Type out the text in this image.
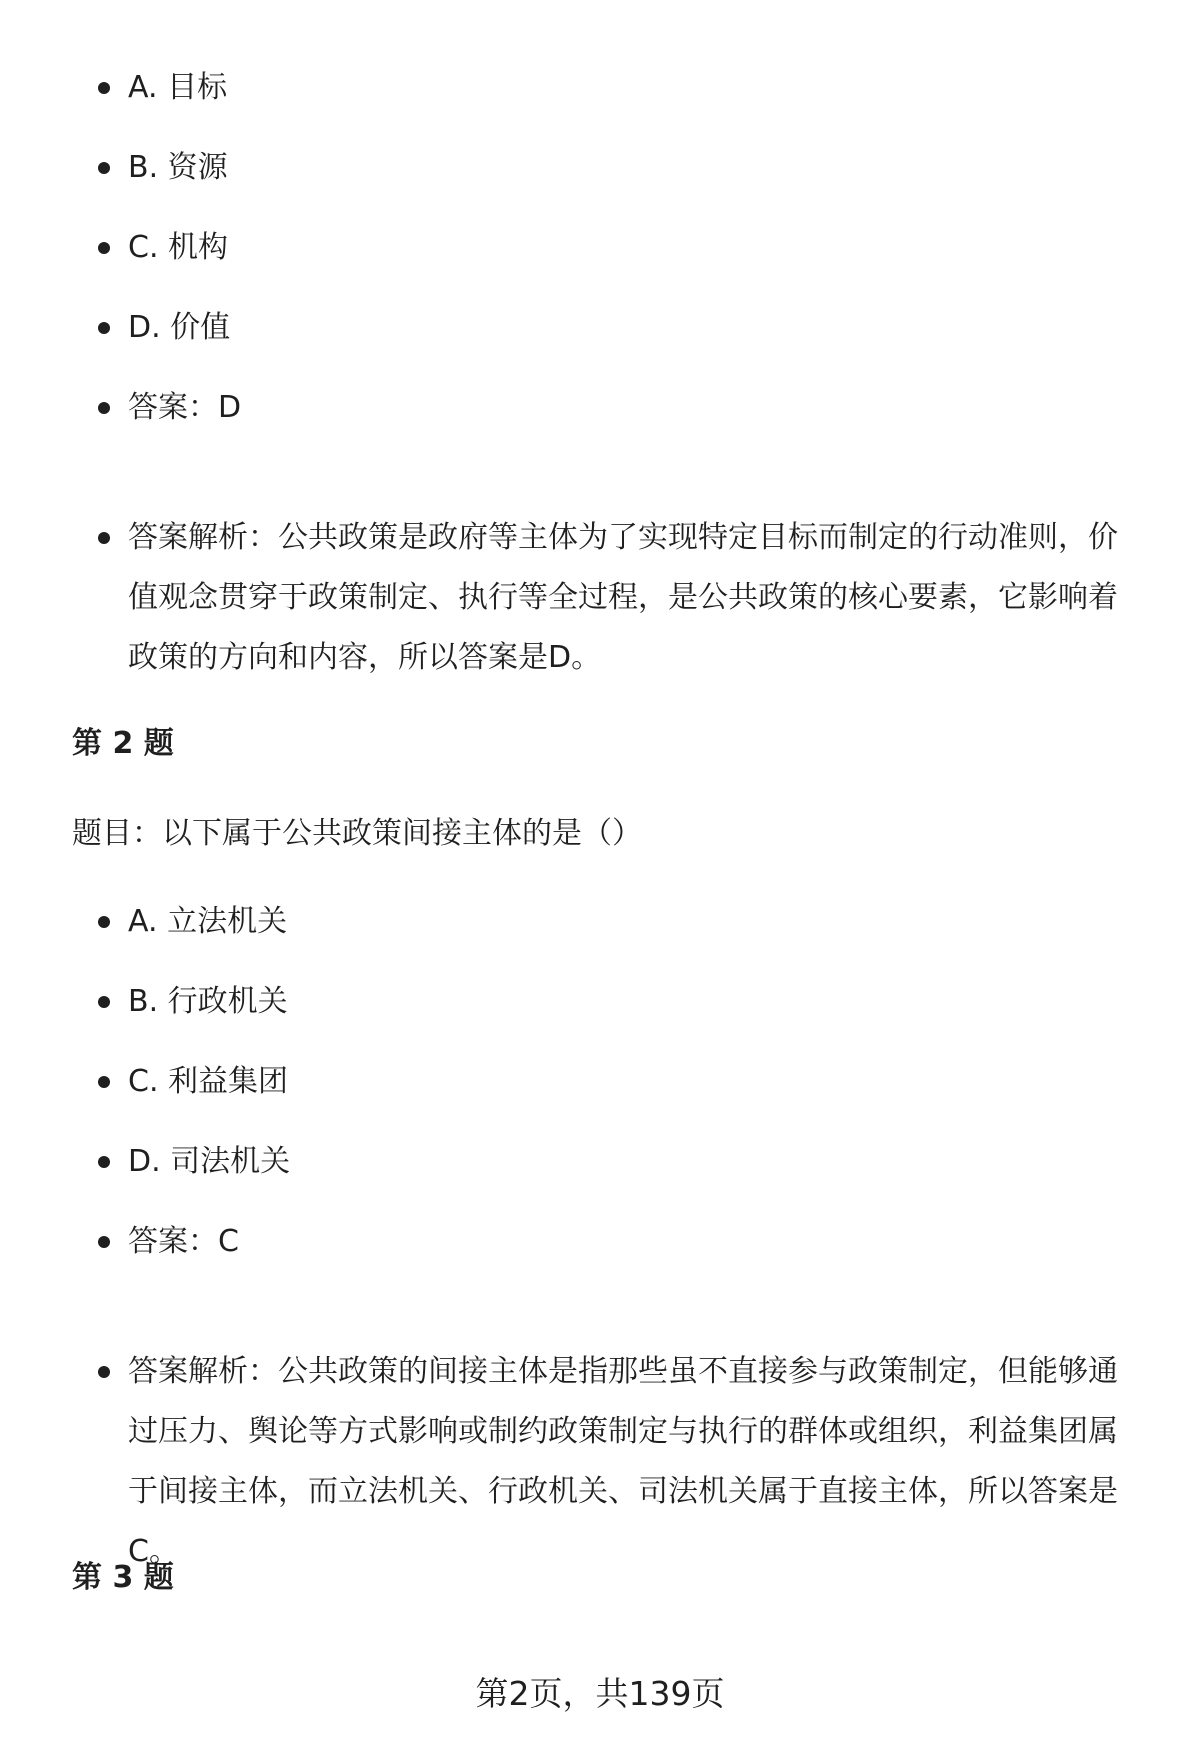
A. 目标
B. 资源
C. 机构
D. 价值
答案：D
答案解析：公共政策是政府等主体为了实现特定目标而制定的行动准则，价值观念贯穿于政策制定、执行等全过程，是公共政策的核心要素，它影响着政策的方向和内容，所以答案是D。
第 2 题
题目：以下属于公共政策间接主体的是（）
A. 立法机关
B. 行政机关
C. 利益集团
D. 司法机关
答案：C
答案解析：公共政策的间接主体是指那些虽不直接参与政策制定，但能够通过压力、舆论等方式影响或制约政策制定与执行的群体或组织，利益集团属于间接主体，而立法机关、行政机关、司法机关属于直接主体，所以答案是C。
第 3 题
第2页，共139页
